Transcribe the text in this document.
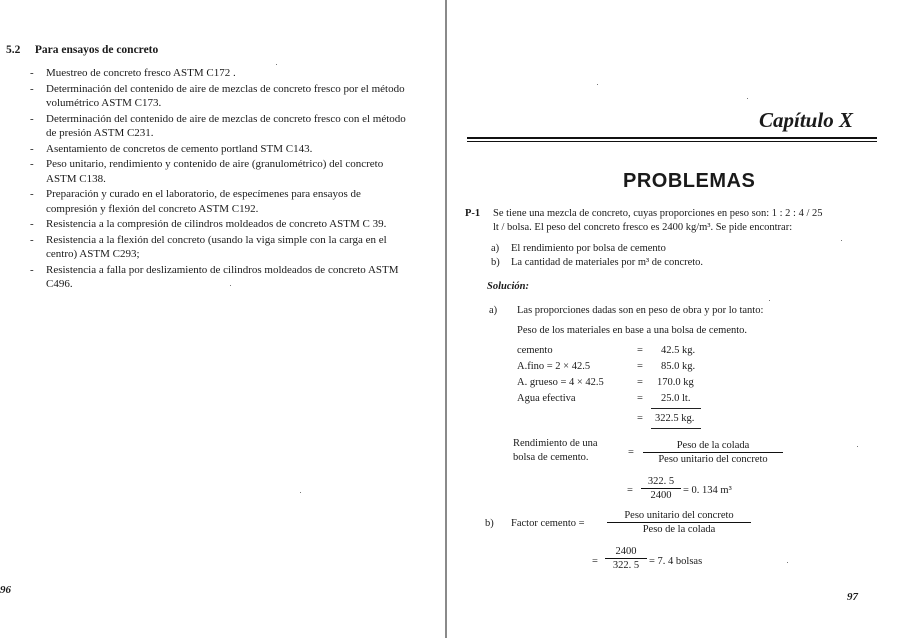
5.2 Para ensayos de concreto
- Muestreo de concreto fresco ASTM C172 .
- Determinación del contenido de aire de mezclas de concreto fresco por el método volumétrico ASTM C173.
- Determinación del contenido de aire de mezclas de concreto fresco con el método de presión ASTM C231.
- Asentamiento de concretos de cemento portland STM C143.
- Peso unitario, rendimiento y contenido de aire (granulométrico) del concreto ASTM C138.
- Preparación y curado en el laboratorio, de especímenes para ensayos de compresión y flexión del concreto ASTM C192.
- Resistencia a la compresión de cilindros moldeados de concreto ASTM C 39.
- Resistencia a la flexión del concreto (usando la viga simple con la carga en el centro) ASTM C293;
- Resistencia a falla por deslizamiento de cilindros moldeados de concreto ASTM C496.
96
Capítulo X
PROBLEMAS
P-1 Se tiene una mezcla de concreto, cuyas proporciones en peso son: 1 : 2 : 4 / 25
lt / bolsa. El peso del concreto fresco es 2400 kg/m³. Se pide encontrar:
a) El rendimiento por bolsa de cemento
b) La cantidad de materiales por m³ de concreto.
Solución:
a) Las proporciones dadas son en peso de obra y por lo tanto:
Peso de los materiales en base a una bolsa de cemento.
cemento	= 42.5 kg.
A.fino = 2 × 42.5	= 85.0 kg.
A. grueso = 4 × 42.5	= 170.0 kg
Agua efectiva	= 25.0 lt.
= 322.5 kg.
Rendimiento de una
bolsa de cemento.	=
Peso de la colada
Peso unitario del concreto
= $\frac{322. 5}{2400} = 0$. 134 m³
b) Factor cemento =
Peso unitario del concreto
Peso de la colada
= $\frac{2400}{322. 5} = 7$. 4 bolsas
97
